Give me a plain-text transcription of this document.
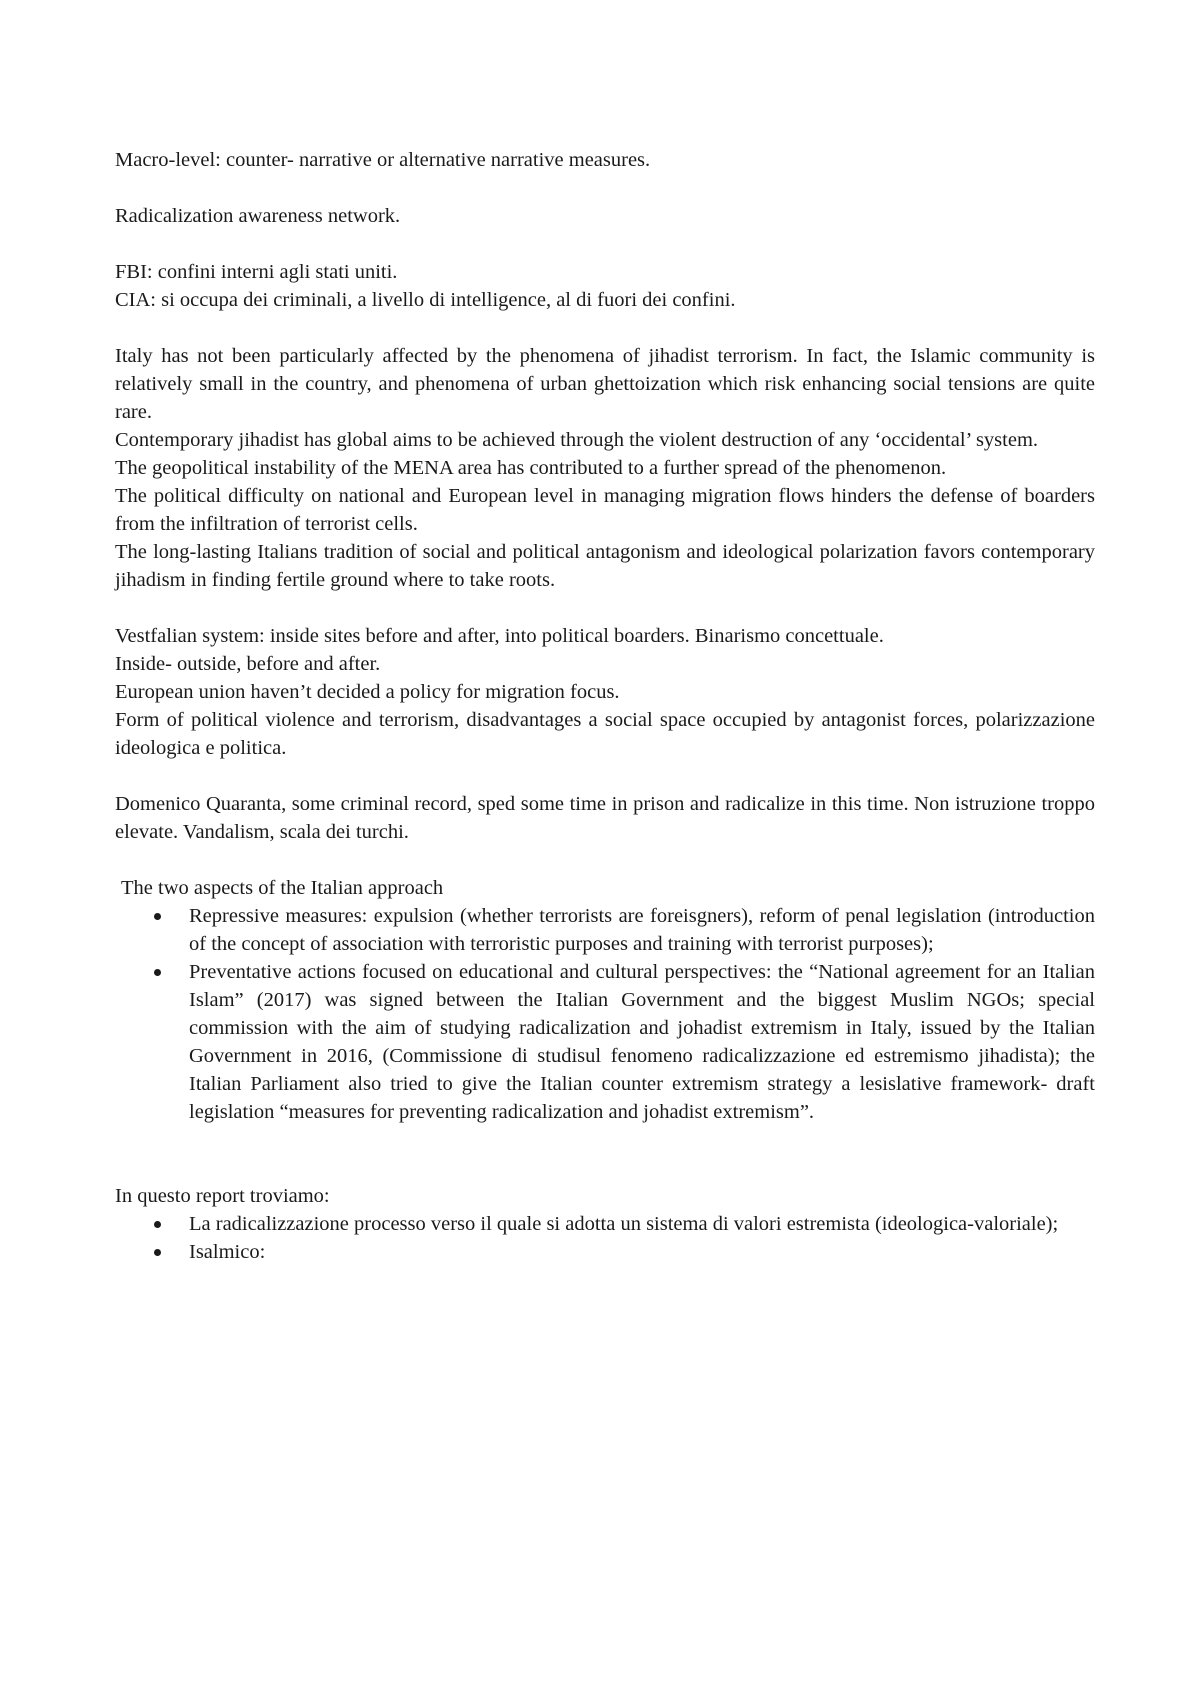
Macro-level: counter- narrative or alternative narrative measures.

Radicalization awareness network.

FBI: confini interni agli stati uniti.

CIA: si occupa dei criminali, a livello di intelligence, al di fuori dei confini.

Italy has not been particularly affected by the phenomena of jihadist terrorism. In fact, the Islamic community is relatively small in the country, and phenomena of urban ghettoization which risk enhancing social tensions are quite rare.

Contemporary jihadist has global aims to be achieved through the violent destruction of any ‘occidental’ system.

The geopolitical instability of the MENA area has contributed to a further spread of the phenomenon.

The political difficulty on national and European level in managing migration flows hinders the defense of boarders from the infiltration of terrorist cells.

The long-lasting Italians tradition of social and political antagonism and ideological polarization favors contemporary jihadism in finding fertile ground where to take roots.

Vestfalian system: inside sites before and after, into political boarders. Binarismo concettuale.

Inside- outside, before and after.

European union haven’t decided a policy for migration focus.

Form of political violence and terrorism, disadvantages a social space occupied by antagonist forces, polarizzazione ideologica e politica.

Domenico Quaranta, some criminal record, sped some time in prison and radicalize in this time. Non istruzione troppo elevate. Vandalism, scala dei turchi.

The two aspects of the Italian approach

Repressive measures: expulsion (whether terrorists are foreisgners), reform of penal legislation (introduction of the concept of association with terroristic purposes and training with terrorist purposes);
Preventative actions focused on educational and cultural perspectives: the “National agreement for an Italian Islam” (2017) was signed between the Italian Government and the biggest Muslim NGOs; special commission with the aim of studying radicalization and johadist extremism in Italy, issued by the Italian Government in 2016, (Commissione di studisul fenomeno radicalizzazione ed estremismo jihadista); the Italian Parliament also tried to give the Italian counter extremism strategy a lesislative framework- draft legislation “measures for preventing radicalization and johadist extremism”.

In questo report troviamo:

La radicalizzazione processo verso il quale si adotta un sistema di valori estremista (ideologica-valoriale);
Isalmico:
